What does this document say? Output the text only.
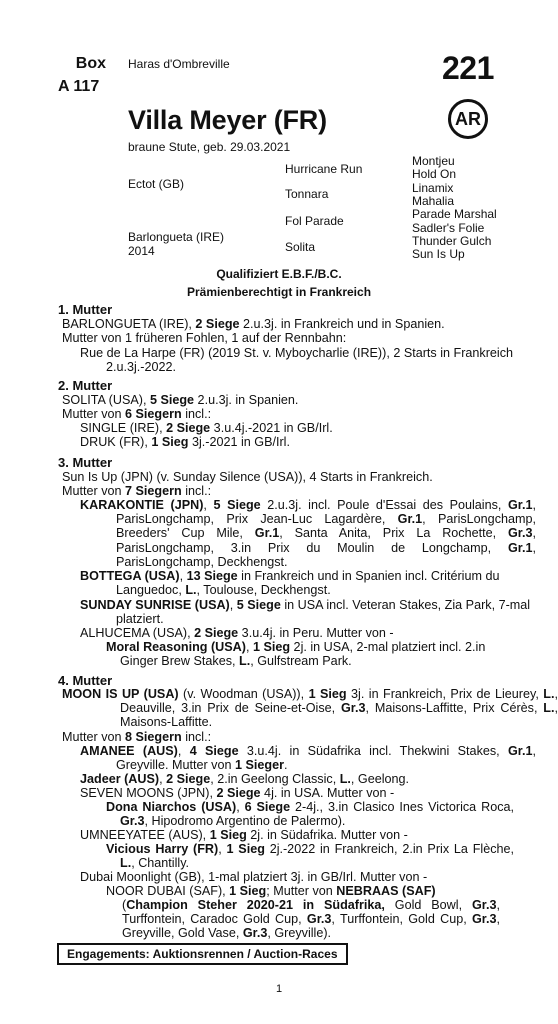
Box
A 117
Haras d'Ombreville	221
AR
Villa Meyer (FR)
braune Stute, geb. 29.03.2021
Ectot (GB)
Barlongueta (IRE)
2014
Hurricane Run
Tonnara
Fol Parade
Solita
Montjeu
Hold On
Linamix
Mahalia
Parade Marshal
Sadler's Folie
Thunder Gulch
Sun Is Up
Qualifiziert E.B.F./B.C.
Prämienberechtigt in Frankreich
1. Mutter
BARLONGUETA (IRE), 2 Siege 2.u.3j. in Frankreich und in Spanien.
Mutter von 1 früheren Fohlen, 1 auf der Rennbahn:
Rue de La Harpe (FR) (2019 St. v. Myboycharlie (IRE)), 2 Starts in Frankreich 2.u.3j.-2022.
2. Mutter
SOLITA (USA), 5 Siege 2.u.3j. in Spanien.
Mutter von 6 Siegern incl.:
SINGLE (IRE), 2 Siege 3.u.4j.-2021 in GB/Irl.
DRUK (FR), 1 Sieg 3j.-2021 in GB/Irl.
3. Mutter
Sun Is Up (JPN) (v. Sunday Silence (USA)), 4 Starts in Frankreich.
Mutter von 7 Siegern incl.:
KARAKONTIE (JPN), 5 Siege 2.u.3j. incl. Poule d'Essai des Poulains, Gr.1, ParisLongchamp, Prix Jean-Luc Lagardère, Gr.1, ParisLongchamp, Breeders' Cup Mile, Gr.1, Santa Anita, Prix La Rochette, Gr.3, ParisLongchamp, 3.in Prix du Moulin de Longchamp, Gr.1, ParisLongchamp, Deckhengst.
BOTTEGA (USA), 13 Siege in Frankreich und in Spanien incl. Critérium du Languedoc, L., Toulouse, Deckhengst.
SUNDAY SUNRISE (USA), 5 Siege in USA incl. Veteran Stakes, Zia Park, 7-mal platziert.
ALHUCEMA (USA), 2 Siege 3.u.4j. in Peru. Mutter von -
Moral Reasoning (USA), 1 Sieg 2j. in USA, 2-mal platziert incl. 2.in Ginger Brew Stakes, L., Gulfstream Park.
4. Mutter
MOON IS UP (USA) (v. Woodman (USA)), 1 Sieg 3j. in Frankreich, Prix de Lieurey, L., Deauville, 3.in Prix de Seine-et-Oise, Gr.3, Maisons-Laffitte, Prix Cérès, L., Maisons-Laffitte.
Mutter von 8 Siegern incl.:
AMANEE (AUS), 4 Siege 3.u.4j. in Südafrika incl. Thekwini Stakes, Gr.1, Greyville. Mutter von 1 Sieger.
Jadeer (AUS), 2 Siege, 2.in Geelong Classic, L., Geelong.
SEVEN MOONS (JPN), 2 Siege 4j. in USA. Mutter von -
Dona Niarchos (USA), 6 Siege 2-4j., 3.in Clasico Ines Victorica Roca, Gr.3, Hipodromo Argentino de Palermo).
UMNEEYATEE (AUS), 1 Sieg 2j. in Südafrika. Mutter von -
Vicious Harry (FR), 1 Sieg 2j.-2022 in Frankreich, 2.in Prix La Flèche, L., Chantilly.
Dubai Moonlight (GB), 1-mal platziert 3j. in GB/Irl. Mutter von -
NOOR DUBAI (SAF), 1 Sieg; Mutter von NEBRAAS (SAF)
(Champion Steher 2020-21 in Südafrika, Gold Bowl, Gr.3, Turffontein, Caradoc Gold Cup, Gr.3, Turffontein, Gold Cup, Gr.3, Greyville, Gold Vase, Gr.3, Greyville).
Engagements: Auktionsrennen / Auction-Races
1
